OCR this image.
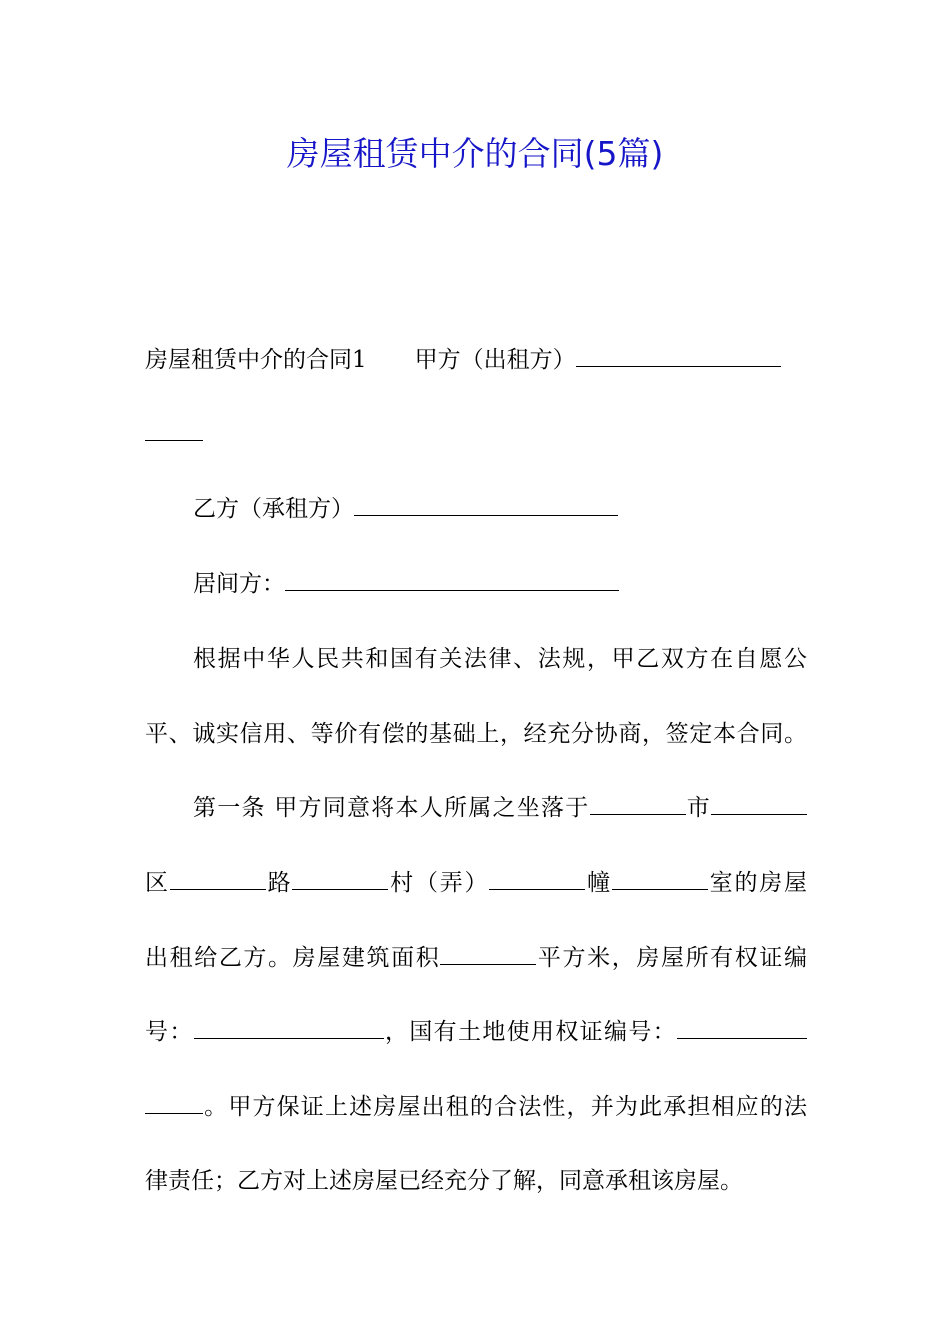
房屋租赁中介的合同(5篇)
房屋租赁中介的合同1 甲方（出租方）
乙方（承租方）
居间方：
根据中华人民共和国有关法律、法规，甲乙双方在自愿公
平、诚实信用、等价有偿的基础上，经充分协商，签定本合同。
第一条 甲方同意将本人所属之坐落于	市
区	路	村（弄）	幢	室的房屋
出租给乙方。房屋建筑面积	平方米，房屋所有权证编
号：	，国有土地使用权证编号：
。甲方保证上述房屋出租的合法性，并为此承担相应的法
律责任；乙方对上述房屋已经充分了解，同意承租该房屋。
